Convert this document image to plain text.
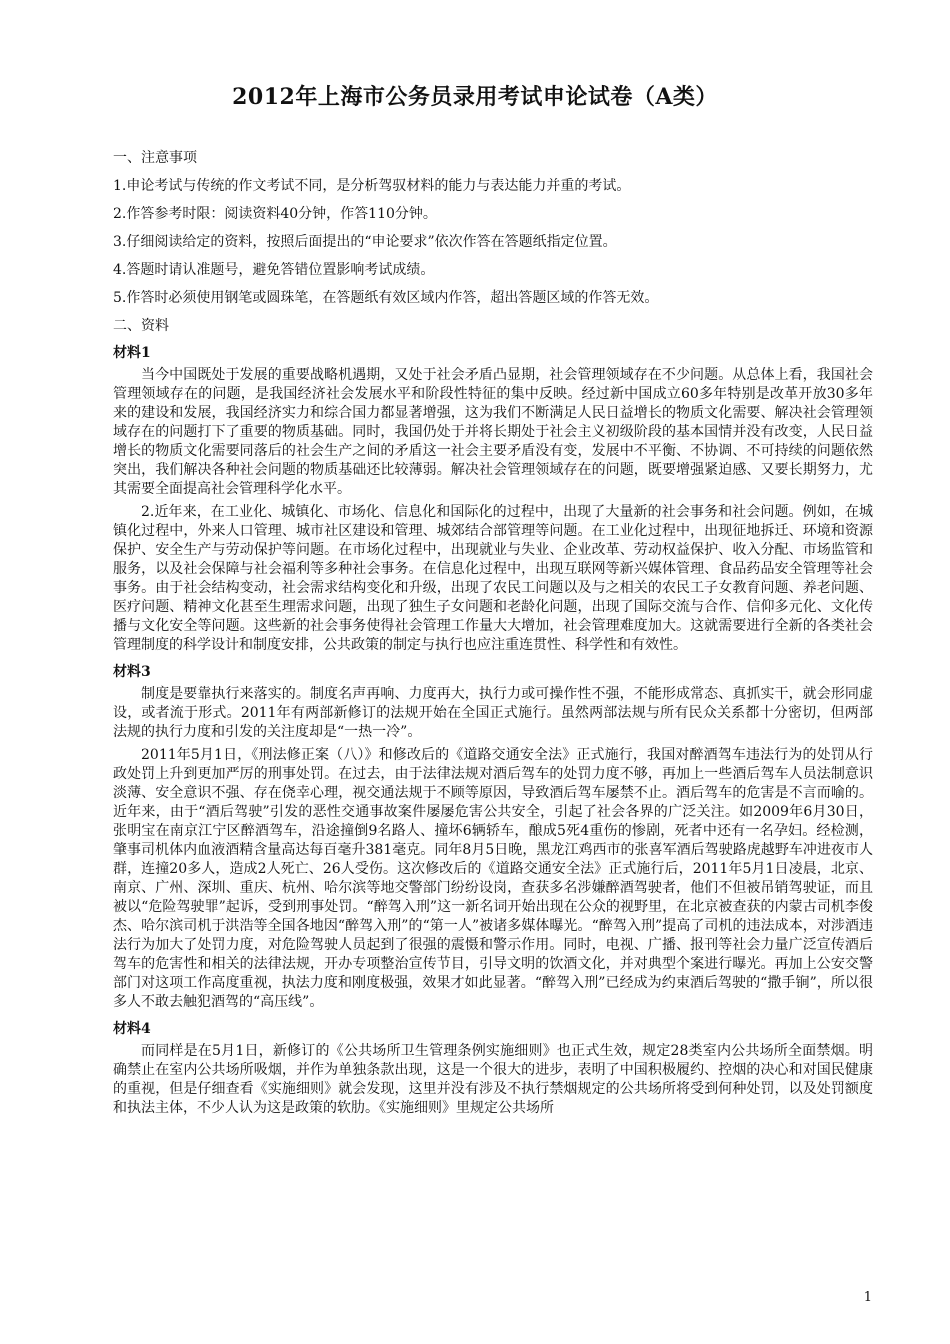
2012年上海市公务员录用考试申论试卷（A类）

一、注意事项

1.申论考试与传统的作文考试不同，是分析驾驭材料的能力与表达能力并重的考试。

2.作答参考时限：阅读资料40分钟，作答110分钟。

3.仔细阅读给定的资料，按照后面提出的“申论要求”依次作答在答题纸指定位置。

4.答题时请认准题号，避免答错位置影响考试成绩。

5.作答时必须使用钢笔或圆珠笔，在答题纸有效区域内作答，超出答题区域的作答无效。

二、资料

材料1

当今中国既处于发展的重要战略机遇期，又处于社会矛盾凸显期，社会管理领域存在不少问题。从总体上看，我国社会管理领域存在的问题，是我国经济社会发展水平和阶段性特征的集中反映。经过新中国成立60多年特别是改革开放30多年来的建设和发展，我国经济实力和综合国力都显著增强，这为我们不断满足人民日益增长的物质文化需要、解决社会管理领域存在的问题打下了重要的物质基础。同时，我国仍处于并将长期处于社会主义初级阶段的基本国情并没有改变，人民日益增长的物质文化需要同落后的社会生产之间的矛盾这一社会主要矛盾没有变，发展中不平衡、不协调、不可持续的问题依然突出，我们解决各种社会问题的物质基础还比较薄弱。解决社会管理领域存在的问题，既要增强紧迫感、又要长期努力，尤其需要全面提高社会管理科学化水平。

2.近年来，在工业化、城镇化、市场化、信息化和国际化的过程中，出现了大量新的社会事务和社会问题。例如，在城镇化过程中，外来人口管理、城市社区建设和管理、城郊结合部管理等问题。在工业化过程中，出现征地拆迁、环境和资源保护、安全生产与劳动保护等问题。在市场化过程中，出现就业与失业、企业改革、劳动权益保护、收入分配、市场监管和服务，以及社会保障与社会福利等多种社会事务。在信息化过程中，出现互联网等新兴媒体管理、食品药品安全管理等社会事务。由于社会结构变动，社会需求结构变化和升级，出现了农民工问题以及与之相关的农民工子女教育问题、养老问题、医疗问题、精神文化甚至生理需求问题，出现了独生子女问题和老龄化问题，出现了国际交流与合作、信仰多元化、文化传播与文化安全等问题。这些新的社会事务使得社会管理工作量大大增加，社会管理难度加大。这就需要进行全新的各类社会管理制度的科学设计和制度安排，公共政策的制定与执行也应注重连贯性、科学性和有效性。

材料3

制度是要靠执行来落实的。制度名声再响、力度再大，执行力或可操作性不强，不能形成常态、真抓实干，就会形同虚设，或者流于形式。2011年有两部新修订的法规开始在全国正式施行。虽然两部法规与所有民众关系都十分密切，但两部法规的执行力度和引发的关注度却是“一热一冷”。

2011年5月1日，《刑法修正案（八）》和修改后的《道路交通安全法》正式施行，我国对醉酒驾车违法行为的处罚从行政处罚上升到更加严厉的刑事处罚。在过去，由于法律法规对酒后驾车的处罚力度不够，再加上一些酒后驾车人员法制意识淡薄、安全意识不强、存在侥幸心理，视交通法规于不顾等原因，导致酒后驾车屡禁不止。酒后驾车的危害是不言而喻的。近年来，由于“酒后驾驶”引发的恶性交通事故案件屡屡危害公共安全，引起了社会各界的广泛关注。如2009年6月30日，张明宝在南京江宁区醉酒驾车，沿途撞倒9名路人、撞坏6辆轿车，酿成5死4重伤的惨剧，死者中还有一名孕妇。经检测，肇事司机体内血液酒精含量高达每百毫升381毫克。同年8月5日晚，黑龙江鸡西市的张喜军酒后驾驶路虎越野车冲进夜市人群，连撞20多人，造成2人死亡、26人受伤。这次修改后的《道路交通安全法》正式施行后，2011年5月1日凌晨，北京、南京、广州、深圳、重庆、杭州、哈尔滨等地交警部门纷纷设岗，查获多名涉嫌醉酒驾驶者，他们不但被吊销驾驶证，而且被以“危险驾驶罪”起诉，受到刑事处罚。“醉驾入刑”这一新名词开始出现在公众的视野里，在北京被查获的内蒙古司机李俊杰、哈尔滨司机于洪浩等全国各地因“醉驾入刑”的“第一人”被诸多媒体曝光。“醉驾入刑”提高了司机的违法成本，对涉酒违法行为加大了处罚力度，对危险驾驶人员起到了很强的震慑和警示作用。同时，电视、广播、报刊等社会力量广泛宣传酒后驾车的危害性和相关的法律法规，开办专项整治宣传节目，引导文明的饮酒文化，并对典型个案进行曝光。再加上公安交警部门对这项工作高度重视，执法力度和刚度极强，效果才如此显著。“醉驾入刑”已经成为约束酒后驾驶的“撒手锏”，所以很多人不敢去触犯酒驾的“高压线”。

材料4

而同样是在5月1日，新修订的《公共场所卫生管理条例实施细则》也正式生效，规定28类室内公共场所全面禁烟。明确禁止在室内公共场所吸烟，并作为单独条款出现，这是一个很大的进步，表明了中国积极履约、控烟的决心和对国民健康的重视，但是仔细查看《实施细则》就会发现，这里并没有涉及不执行禁烟规定的公共场所将受到何种处罚，以及处罚额度和执法主体，不少人认为这是政策的软肋。《实施细则》里规定公共场所

1
